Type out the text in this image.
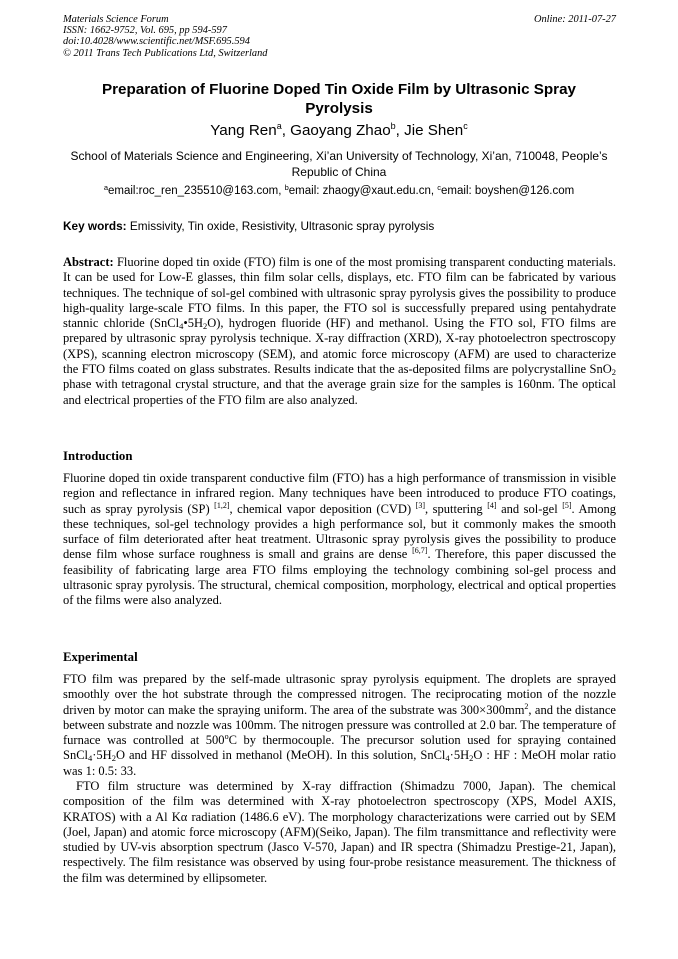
Materials Science Forum
ISSN: 1662-9752, Vol. 695, pp 594-597
doi:10.4028/www.scientific.net/MSF.695.594
© 2011 Trans Tech Publications Ltd, Switzerland
Online: 2011-07-27
Preparation of Fluorine Doped Tin Oxide Film by Ultrasonic Spray Pyrolysis
Yang Ren$^a$, Gaoyang Zhao$^b$, Jie Shen$^c$
School of Materials Science and Engineering, Xi’an University of Technology, Xi’an, 710048, People’s Republic of China
$^a$email:roc_ren_235510@163.com, $^b$email: zhaogy@xaut.edu.cn, $^c$email: boyshen@126.com
Key words: Emissivity, Tin oxide, Resistivity, Ultrasonic spray pyrolysis
Abstract: Fluorine doped tin oxide (FTO) film is one of the most promising transparent conducting materials. It can be used for Low-E glasses, thin film solar cells, displays, etc. FTO film can be fabricated by various techniques. The technique of sol-gel combined with ultrasonic spray pyrolysis gives the possibility to produce high-quality large-scale FTO films. In this paper, the FTO sol is successfully prepared using pentahydrate stannic chloride $(SnCl_4•5H_2O)$, hydrogen fluoride (HF) and methanol. Using the FTO sol, FTO films are prepared by ultrasonic spray pyrolysis technique. X-ray diffraction (XRD), X-ray photoelectron spectroscopy (XPS), scanning electron microscopy (SEM), and atomic force microscopy (AFM) are used to characterize the FTO films coated on glass substrates. Results indicate that the as-deposited films are polycrystalline SnO$_2$ phase with tetragonal crystal structure, and that the average grain size for the samples is 160nm. The optical and electrical properties of the FTO film are also analyzed.
Introduction
Fluorine doped tin oxide transparent conductive film (FTO) has a high performance of transmission in visible region and reflectance in infrared region. Many techniques have been introduced to produce FTO coatings, such as spray pyrolysis (SP) [1,2], chemical vapor deposition (CVD) [3], sputtering [4] and sol-gel [5]. Among these techniques, sol-gel technology provides a high performance sol, but it commonly makes the smooth surface of film deteriorated after heat treatment. Ultrasonic spray pyrolysis gives the possibility to produce dense film whose surface roughness is small and grains are dense [6,7]. Therefore, this paper discussed the feasibility of fabricating large area FTO films employing the technology combining sol-gel process and ultrasonic spray pyrolysis. The structural, chemical composition, morphology, electrical and optical properties of the films were also analyzed.
Experimental
FTO film was prepared by the self-made ultrasonic spray pyrolysis equipment. The droplets are sprayed smoothly over the hot substrate through the compressed nitrogen. The reciprocating motion of the nozzle driven by motor can make the spraying uniform. The area of the substrate was $300\times 300mm^2$, and the distance between substrate and nozzle was 100mm. The nitrogen pressure was controlled at 2.0 bar. The temperature of furnace was controlled at 500$^o$C by thermocouple. The precursor solution used for spraying contained $SnCl_4\cdot 5H_2O$ and HF dissolved in methanol (MeOH). In this solution, $SnCl_4\cdot 5H_2O$ : HF : MeOH molar ratio was 1: 0.5: 33.
FTO film structure was determined by X-ray diffraction (Shimadzu 7000, Japan). The chemical composition of the film was determined with X-ray photoelectron spectroscopy (XPS, Model AXIS, KRATOS) with a Al Kα radiation (1486.6 eV). The morphology characterizations were carried out by SEM (Joel, Japan) and atomic force microscopy (AFM)(Seiko, Japan). The film transmittance and reflectivity were studied by UV-vis absorption spectrum (Jasco V-570, Japan) and IR spectra (Shimadzu Prestige-21, Japan), respectively. The film resistance was observed by using four-probe resistance measurement. The thickness of the film was determined by ellipsometer.
